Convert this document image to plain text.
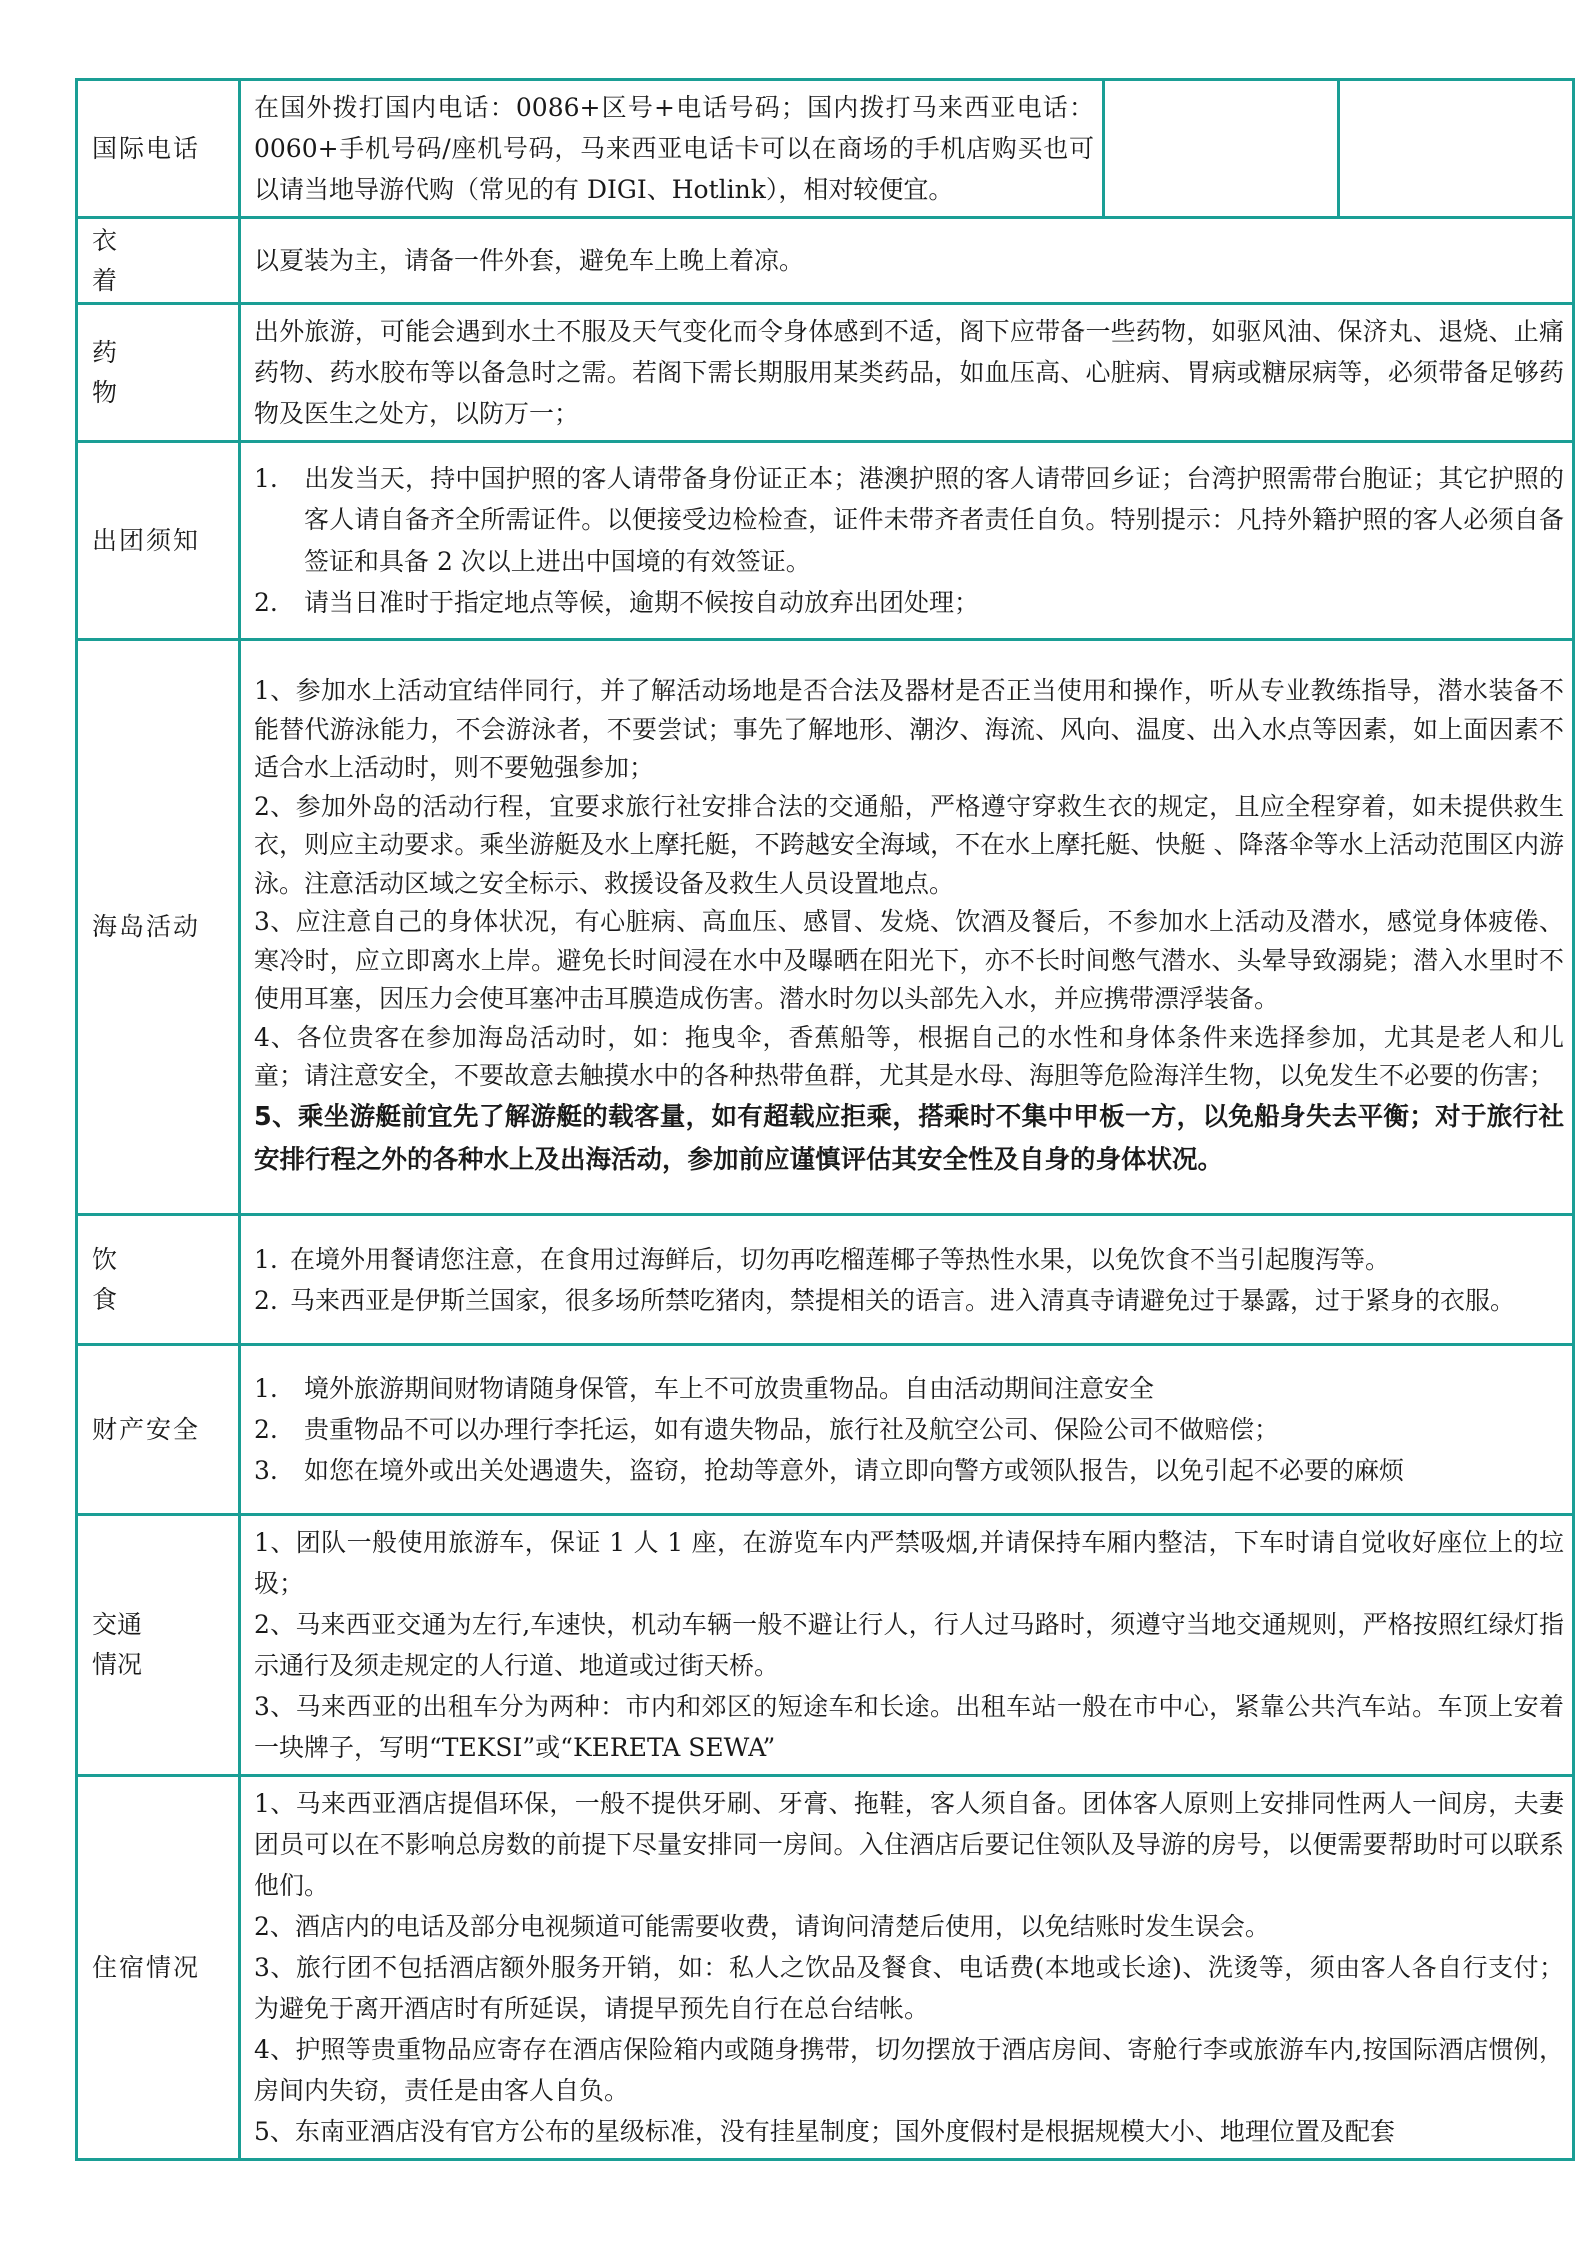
国际电话	在国外拨打国内电话：0086+区号+电话号码；国内拨打马来西亚电话：0060+手机号码/座机号码，马来西亚电话卡可以在商场的手机店购买也可以请当地导游代购（常见的有 DIGI、Hotlink），相对较便宜。		

衣着	以夏装为主，请备一件外套，避免车上晚上着凉。		

药物	出外旅游，可能会遇到水土不服及天气变化而令身体感到不适，阁下应带备一些药物，如驱风油、保济丸、退烧、止痛药物、药水胶布等以备急时之需。若阁下需长期服用某类药品，如血压高、心脏病、胃病或糖尿病等，必须带备足够药物及医生之处方，以防万一；		

出团须知	1. 出发当天，持中国护照的客人请带备身份证正本；港澳护照的客人请带回乡证；台湾护照需带台胞证；其它护照的客人请自备齐全所需证件。以便接受边检检查，证件未带齐者责任自负。特别提示：凡持外籍护照的客人必须自备签证和具备 2 次以上进出中国境的有效签证。

2. 请当日准时于指定地点等候，逾期不候按自动放弃出团处理；		

海岛活动	1、参加水上活动宜结伴同行，并了解活动场地是否合法及器材是否正当使用和操作，听从专业教练指导，潜水装备不能替代游泳能力，不会游泳者，不要尝试；事先了解地形、潮汐、海流、风向、温度、出入水点等因素，如上面因素不适合水上活动时，则不要勉强参加；

2、参加外岛的活动行程，宜要求旅行社安排合法的交通船，严格遵守穿救生衣的规定，且应全程穿着，如未提供救生衣，则应主动要求。乘坐游艇及水上摩托艇，不跨越安全海域，不在水上摩托艇、快艇 、降落伞等水上活动范围区内游泳。注意活动区域之安全标示、救援设备及救生人员设置地点。

3、应注意自己的身体状况，有心脏病、高血压、感冒、发烧、饮酒及餐后，不参加水上活动及潜水，感觉身体疲倦、寒冷时，应立即离水上岸。避免长时间浸在水中及曝晒在阳光下，亦不长时间憋气潜水、头晕导致溺毙；潜入水里时不使用耳塞，因压力会使耳塞冲击耳膜造成伤害。潜水时勿以头部先入水，并应携带漂浮装备。

4、各位贵客在参加海岛活动时，如：拖曳伞，香蕉船等，根据自己的水性和身体条件来选择参加，尤其是老人和儿童；请注意安全，不要故意去触摸水中的各种热带鱼群，尤其是水母、海胆等危险海洋生物，以免发生不必要的伤害；

5、乘坐游艇前宜先了解游艇的载客量，如有超载应拒乘，搭乘时不集中甲板一方，以免船身失去平衡；对于旅行社安排行程之外的各种水上及出海活动，参加前应谨慎评估其安全性及自身的身体状况。		

饮食	1. 在境外用餐请您注意，在食用过海鲜后，切勿再吃榴莲椰子等热性水果，以免饮食不当引起腹泻等。

2. 马来西亚是伊斯兰国家，很多场所禁吃猪肉，禁提相关的语言。进入清真寺请避免过于暴露，过于紧身的衣服。		

财产安全	1. 境外旅游期间财物请随身保管，车上不可放贵重物品。自由活动期间注意安全

2. 贵重物品不可以办理行李托运，如有遗失物品，旅行社及航空公司、保险公司不做赔偿；

3. 如您在境外或出关处遇遗失，盗窃，抢劫等意外，请立即向警方或领队报告，以免引起不必要的麻烦		

交通情况	1、团队一般使用旅游车，保证 1 人 1 座，在游览车内严禁吸烟,并请保持车厢内整洁，下车时请自觉收好座位上的垃圾；

2、马来西亚交通为左行,车速快，机动车辆一般不避让行人，行人过马路时，须遵守当地交通规则，严格按照红绿灯指示通行及须走规定的人行道、地道或过街天桥。

3、马来西亚的出租车分为两种：市内和郊区的短途车和长途。出租车站一般在市中心，紧靠公共汽车站。车顶上安着一块牌子，写明“TEKSI”或“KERETA SEWA”		

住宿情况	1、马来西亚酒店提倡环保，一般不提供牙刷、牙膏、拖鞋，客人须自备。团体客人原则上安排同性两人一间房，夫妻团员可以在不影响总房数的前提下尽量安排同一房间。入住酒店后要记住领队及导游的房号，以便需要帮助时可以联系他们。

2、酒店内的电话及部分电视频道可能需要收费，请询问清楚后使用，以免结账时发生误会。

3、旅行团不包括酒店额外服务开销，如：私人之饮品及餐食、电话费(本地或长途)、洗烫等，须由客人各自行支付；为避免于离开酒店时有所延误，请提早预先自行在总台结帐。

4、护照等贵重物品应寄存在酒店保险箱内或随身携带，切勿摆放于酒店房间、寄舱行李或旅游车内,按国际酒店惯例，房间内失窃，责任是由客人自负。

5、东南亚酒店没有官方公布的星级标准，没有挂星制度；国外度假村是根据规模大小、地理位置及配套		
